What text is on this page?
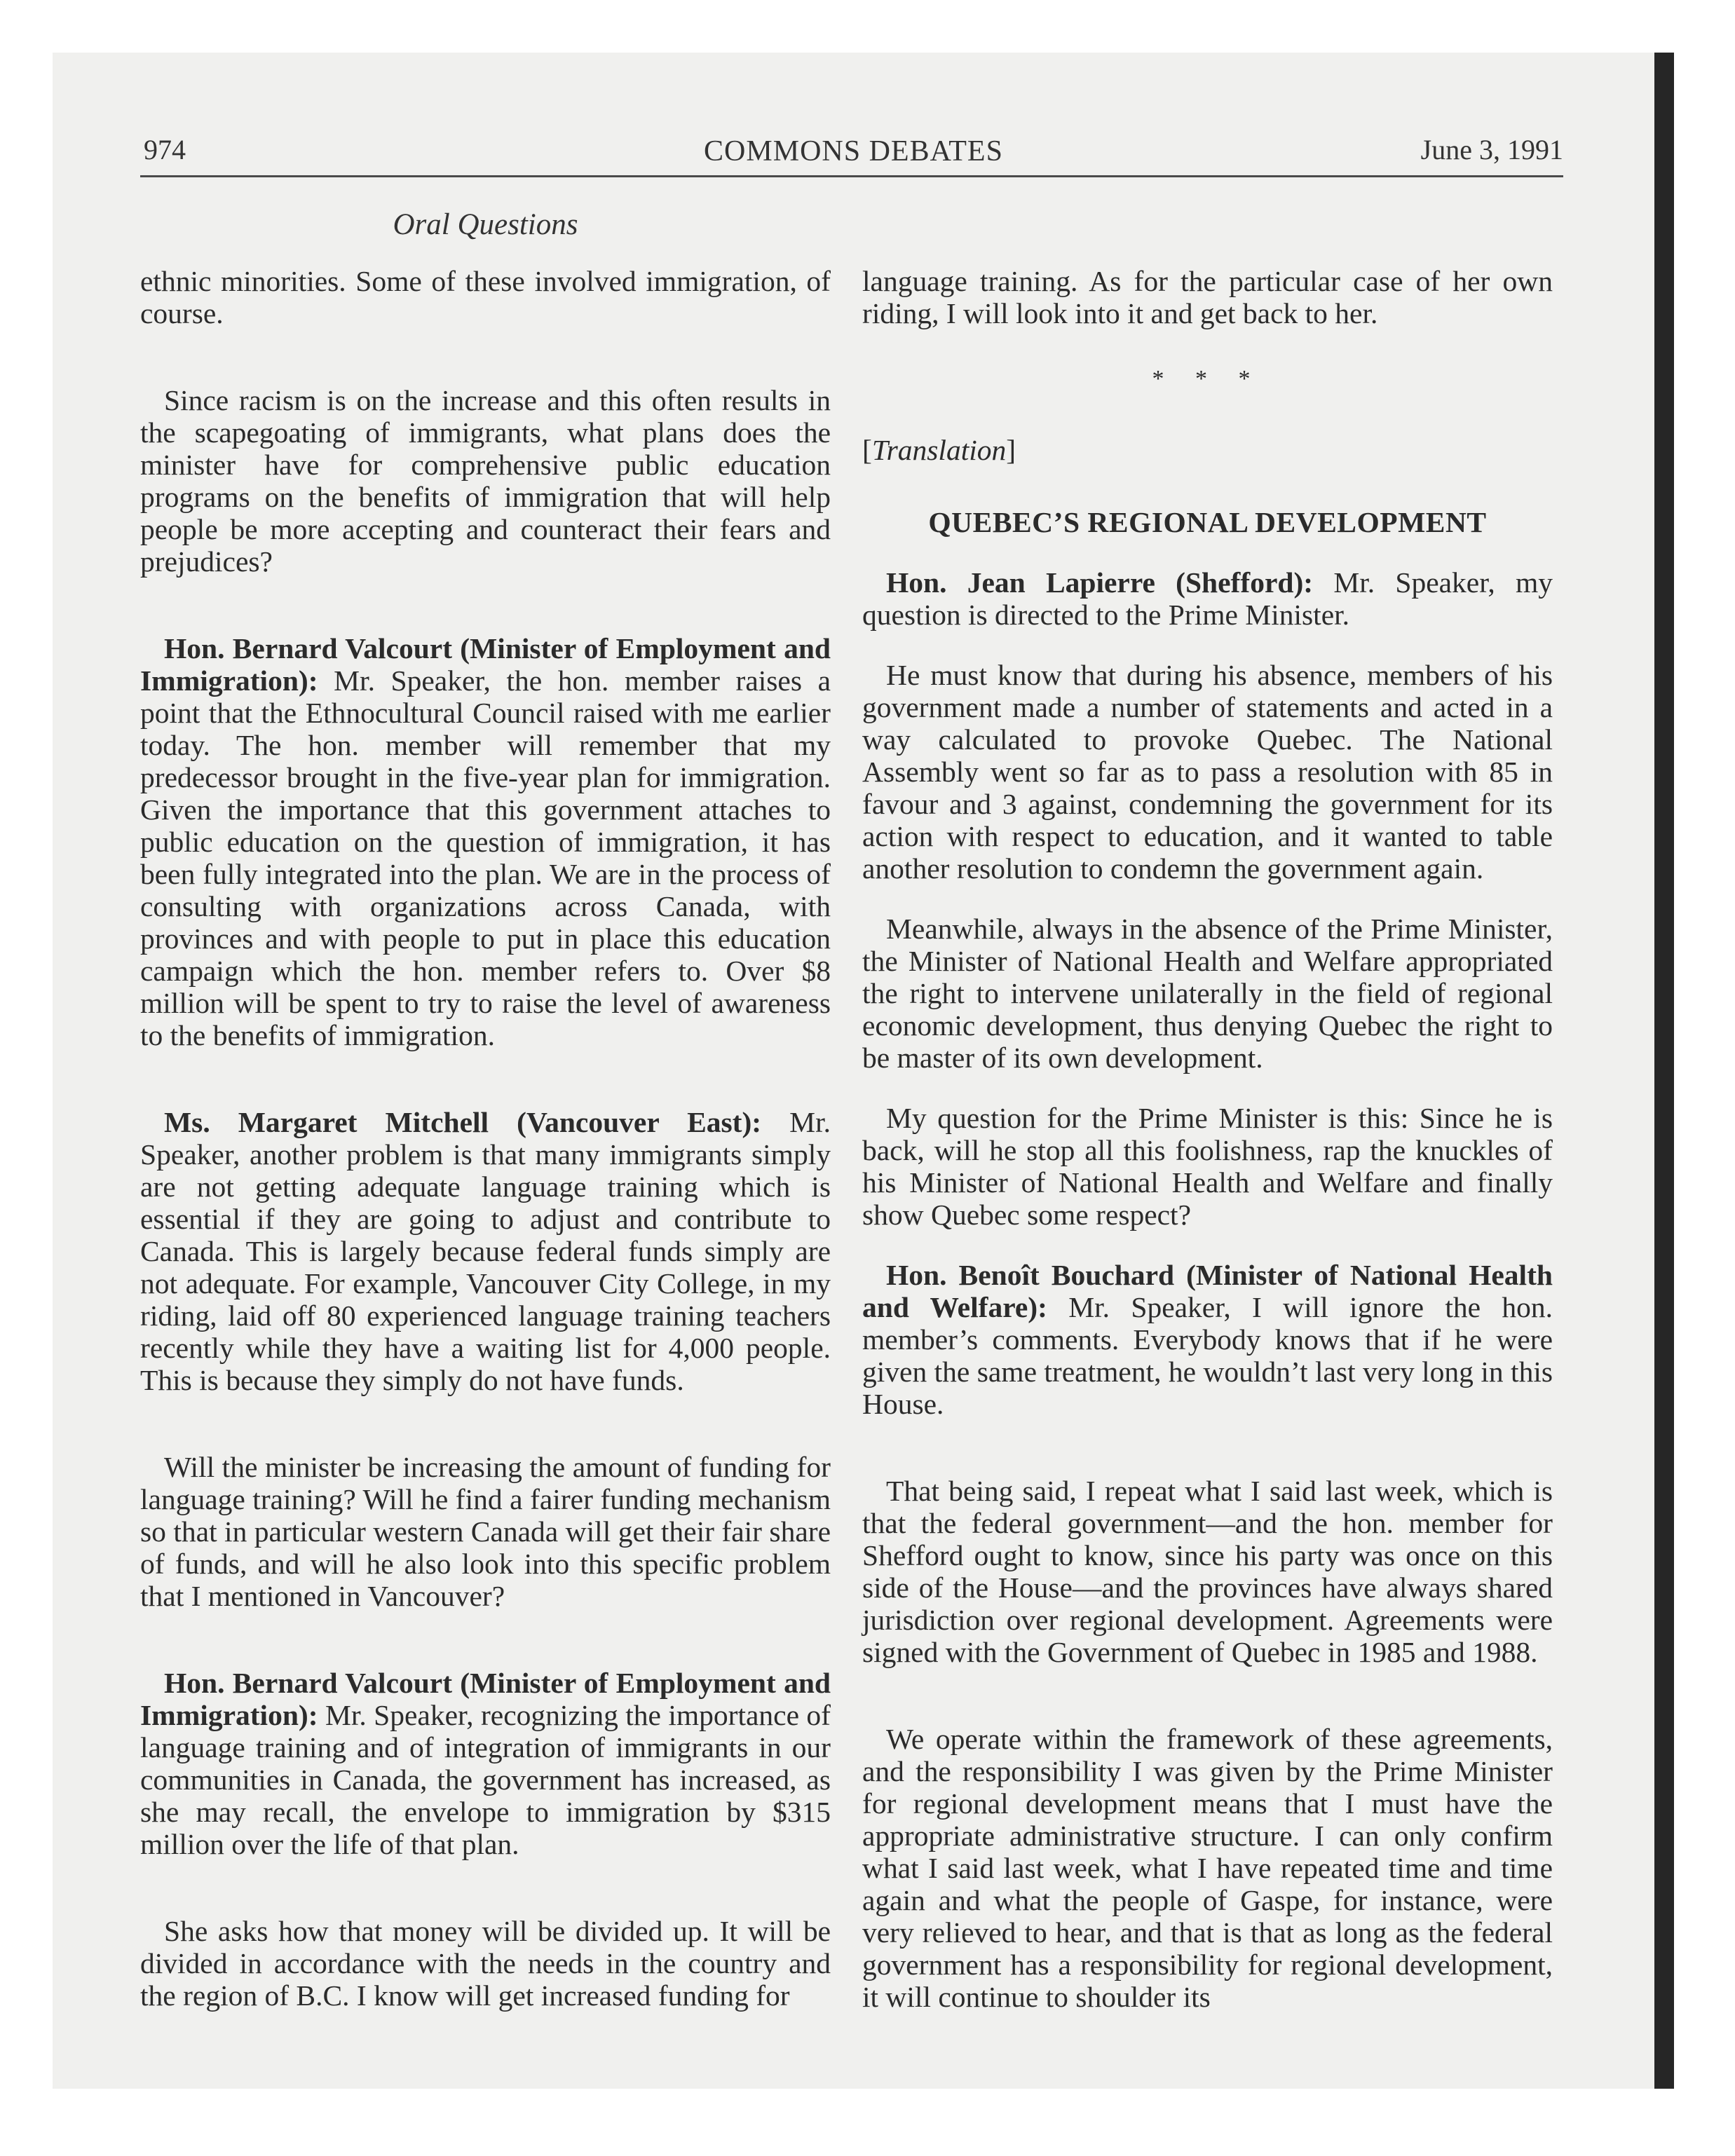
974	COMMONS DEBATES	June 3, 1991
Oral Questions

ethnic minorities. Some of these involved immigration, of course.

Since racism is on the increase and this often results in the scapegoating of immigrants, what plans does the minister have for comprehensive public education programs on the benefits of immigration that will help people be more accepting and counteract their fears and prejudices?

Hon. Bernard Valcourt (Minister of Employment and Immigration): Mr. Speaker, the hon. member raises a point that the Ethnocultural Council raised with me earlier today. The hon. member will remember that my predecessor brought in the five-year plan for immigration. Given the importance that this government attaches to public education on the question of immigration, it has been fully integrated into the plan. We are in the process of consulting with organizations across Canada, with provinces and with people to put in place this education campaign which the hon. member refers to. Over $8 million will be spent to try to raise the level of awareness to the benefits of immigration.

Ms. Margaret Mitchell (Vancouver East): Mr. Speaker, another problem is that many immigrants simply are not getting adequate language training which is essential if they are going to adjust and contribute to Canada. This is largely because federal funds simply are not adequate. For example, Vancouver City College, in my riding, laid off 80 experienced language training teachers recently while they have a waiting list for 4,000 people. This is because they simply do not have funds.

Will the minister be increasing the amount of funding for language training? Will he find a fairer funding mechanism so that in particular western Canada will get their fair share of funds, and will he also look into this specific problem that I mentioned in Vancouver?

Hon. Bernard Valcourt (Minister of Employment and Immigration): Mr. Speaker, recognizing the importance of language training and of integration of immigrants in our communities in Canada, the government has increased, as she may recall, the envelope to immigration by $315 million over the life of that plan.

She asks how that money will be divided up. It will be divided in accordance with the needs in the country and the region of B.C. I know will get increased funding for

language training. As for the particular case of her own riding, I will look into it and get back to her.

* * *
[Translation]
QUEBEC’S REGIONAL DEVELOPMENT

Hon. Jean Lapierre (Shefford): Mr. Speaker, my question is directed to the Prime Minister.

He must know that during his absence, members of his government made a number of statements and acted in a way calculated to provoke Quebec. The National Assembly went so far as to pass a resolution with 85 in favour and 3 against, condemning the government for its action with respect to education, and it wanted to table another resolution to condemn the government again.

Meanwhile, always in the absence of the Prime Minister, the Minister of National Health and Welfare appropriated the right to intervene unilaterally in the field of regional economic development, thus denying Quebec the right to be master of its own development.

My question for the Prime Minister is this: Since he is back, will he stop all this foolishness, rap the knuckles of his Minister of National Health and Welfare and finally show Quebec some respect?

Hon. Benoît Bouchard (Minister of National Health and Welfare): Mr. Speaker, I will ignore the hon. member’s comments. Everybody knows that if he were given the same treatment, he wouldn’t last very long in this House.

That being said, I repeat what I said last week, which is that the federal government—and the hon. member for Shefford ought to know, since his party was once on this side of the House—and the provinces have always shared jurisdiction over regional development. Agreements were signed with the Government of Quebec in 1985 and 1988.

We operate within the framework of these agreements, and the responsibility I was given by the Prime Minister for regional development means that I must have the appropriate administrative structure. I can only confirm what I said last week, what I have repeated time and time again and what the people of Gaspe, for instance, were very relieved to hear, and that is that as long as the federal government has a responsibility for regional development, it will continue to shoulder its
